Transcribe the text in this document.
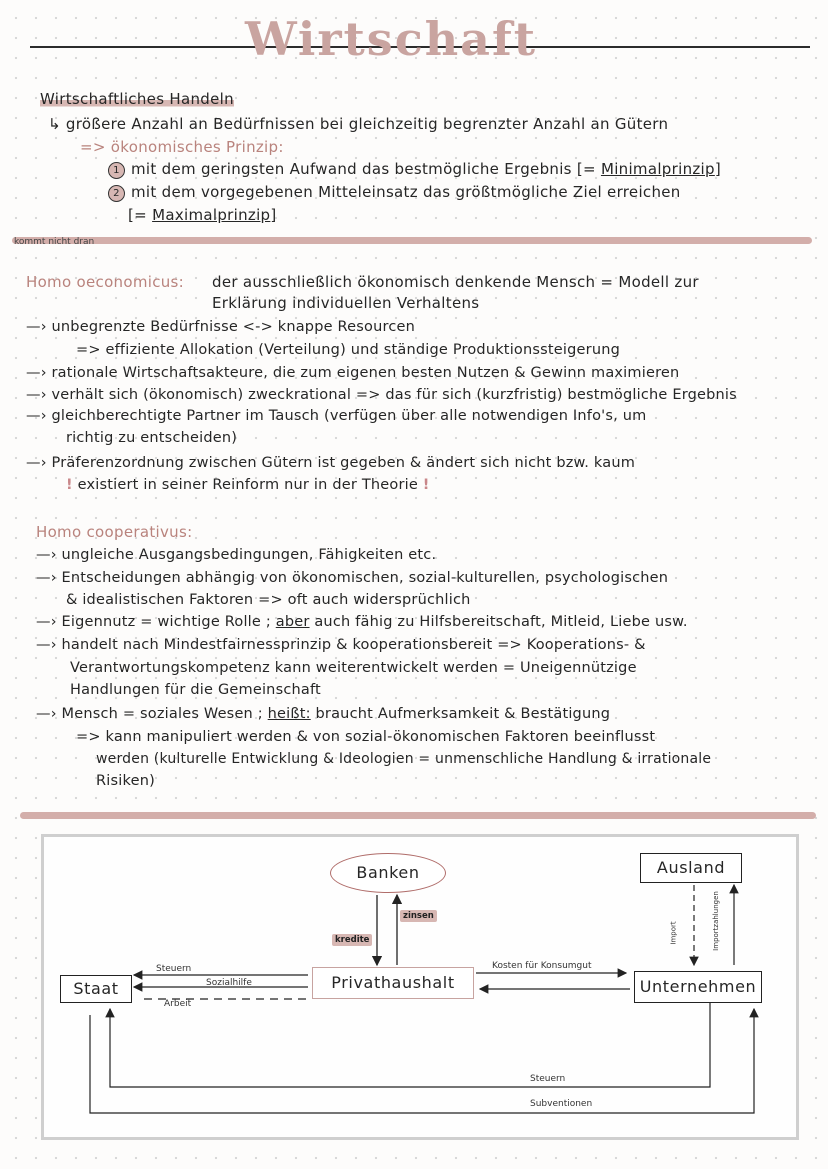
Wirtschaft
Wirtschaftliches Handeln
↳ größere Anzahl an Bedürfnissen bei gleichzeitig begrenzter Anzahl an Gütern
=> ökonomisches Prinzip:
1 mit dem geringsten Aufwand das bestmögliche Ergebnis [= Minimalprinzip]
2 mit dem vorgegebenen Mitteleinsatz das größtmögliche Ziel erreichen
[= Maximalprinzip]
kommt nicht dran
Homo oeconomicus: der ausschließlich ökonomisch denkende Mensch = Modell zur
Erklärung individuellen Verhaltens
—› unbegrenzte Bedürfnisse <-> knappe Resourcen
=> effiziente Allokation (Verteilung) und ständige Produktionssteigerung
—› rationale Wirtschaftsakteure, die zum eigenen besten Nutzen & Gewinn maximieren
—› verhält sich (ökonomisch) zweckrational => das für sich (kurzfristig) bestmögliche Ergebnis
—› gleichberechtigte Partner im Tausch (verfügen über alle notwendigen Info's, um
richtig zu entscheiden)
—› Präferenzordnung zwischen Gütern ist gegeben & ändert sich nicht bzw. kaum
! existiert in seiner Reinform nur in der Theorie !
Homo cooperativus:
—› ungleiche Ausgangsbedingungen, Fähigkeiten etc.
—› Entscheidungen abhängig von ökonomischen, sozial-kulturellen, psychologischen
& idealistischen Faktoren => oft auch widersprüchlich
—› Eigennutz = wichtige Rolle ; aber auch fähig zu Hilfsbereitschaft, Mitleid, Liebe usw.
—› handelt nach Mindestfairnessprinzip & kooperationsbereit => Kooperations- &
Verantwortungskompetenz kann weiterentwickelt werden = Uneigennützige
Handlungen für die Gemeinschaft
—› Mensch = soziales Wesen ; heißt: braucht Aufmerksamkeit & Bestätigung
=> kann manipuliert werden & von sozial-ökonomischen Faktoren beeinflusst
werden (kulturelle Entwicklung & Ideologien = unmenschliche Handlung & irrationale
Risiken)
Banken	Ausland
Staat	Privathaushalt	Unternehmen
kredite
zinsen
Import	Importzahlungen
Steuern
Sozialhilfe
Arbeit
Kosten für Konsumgut
Steuern
Subventionen
